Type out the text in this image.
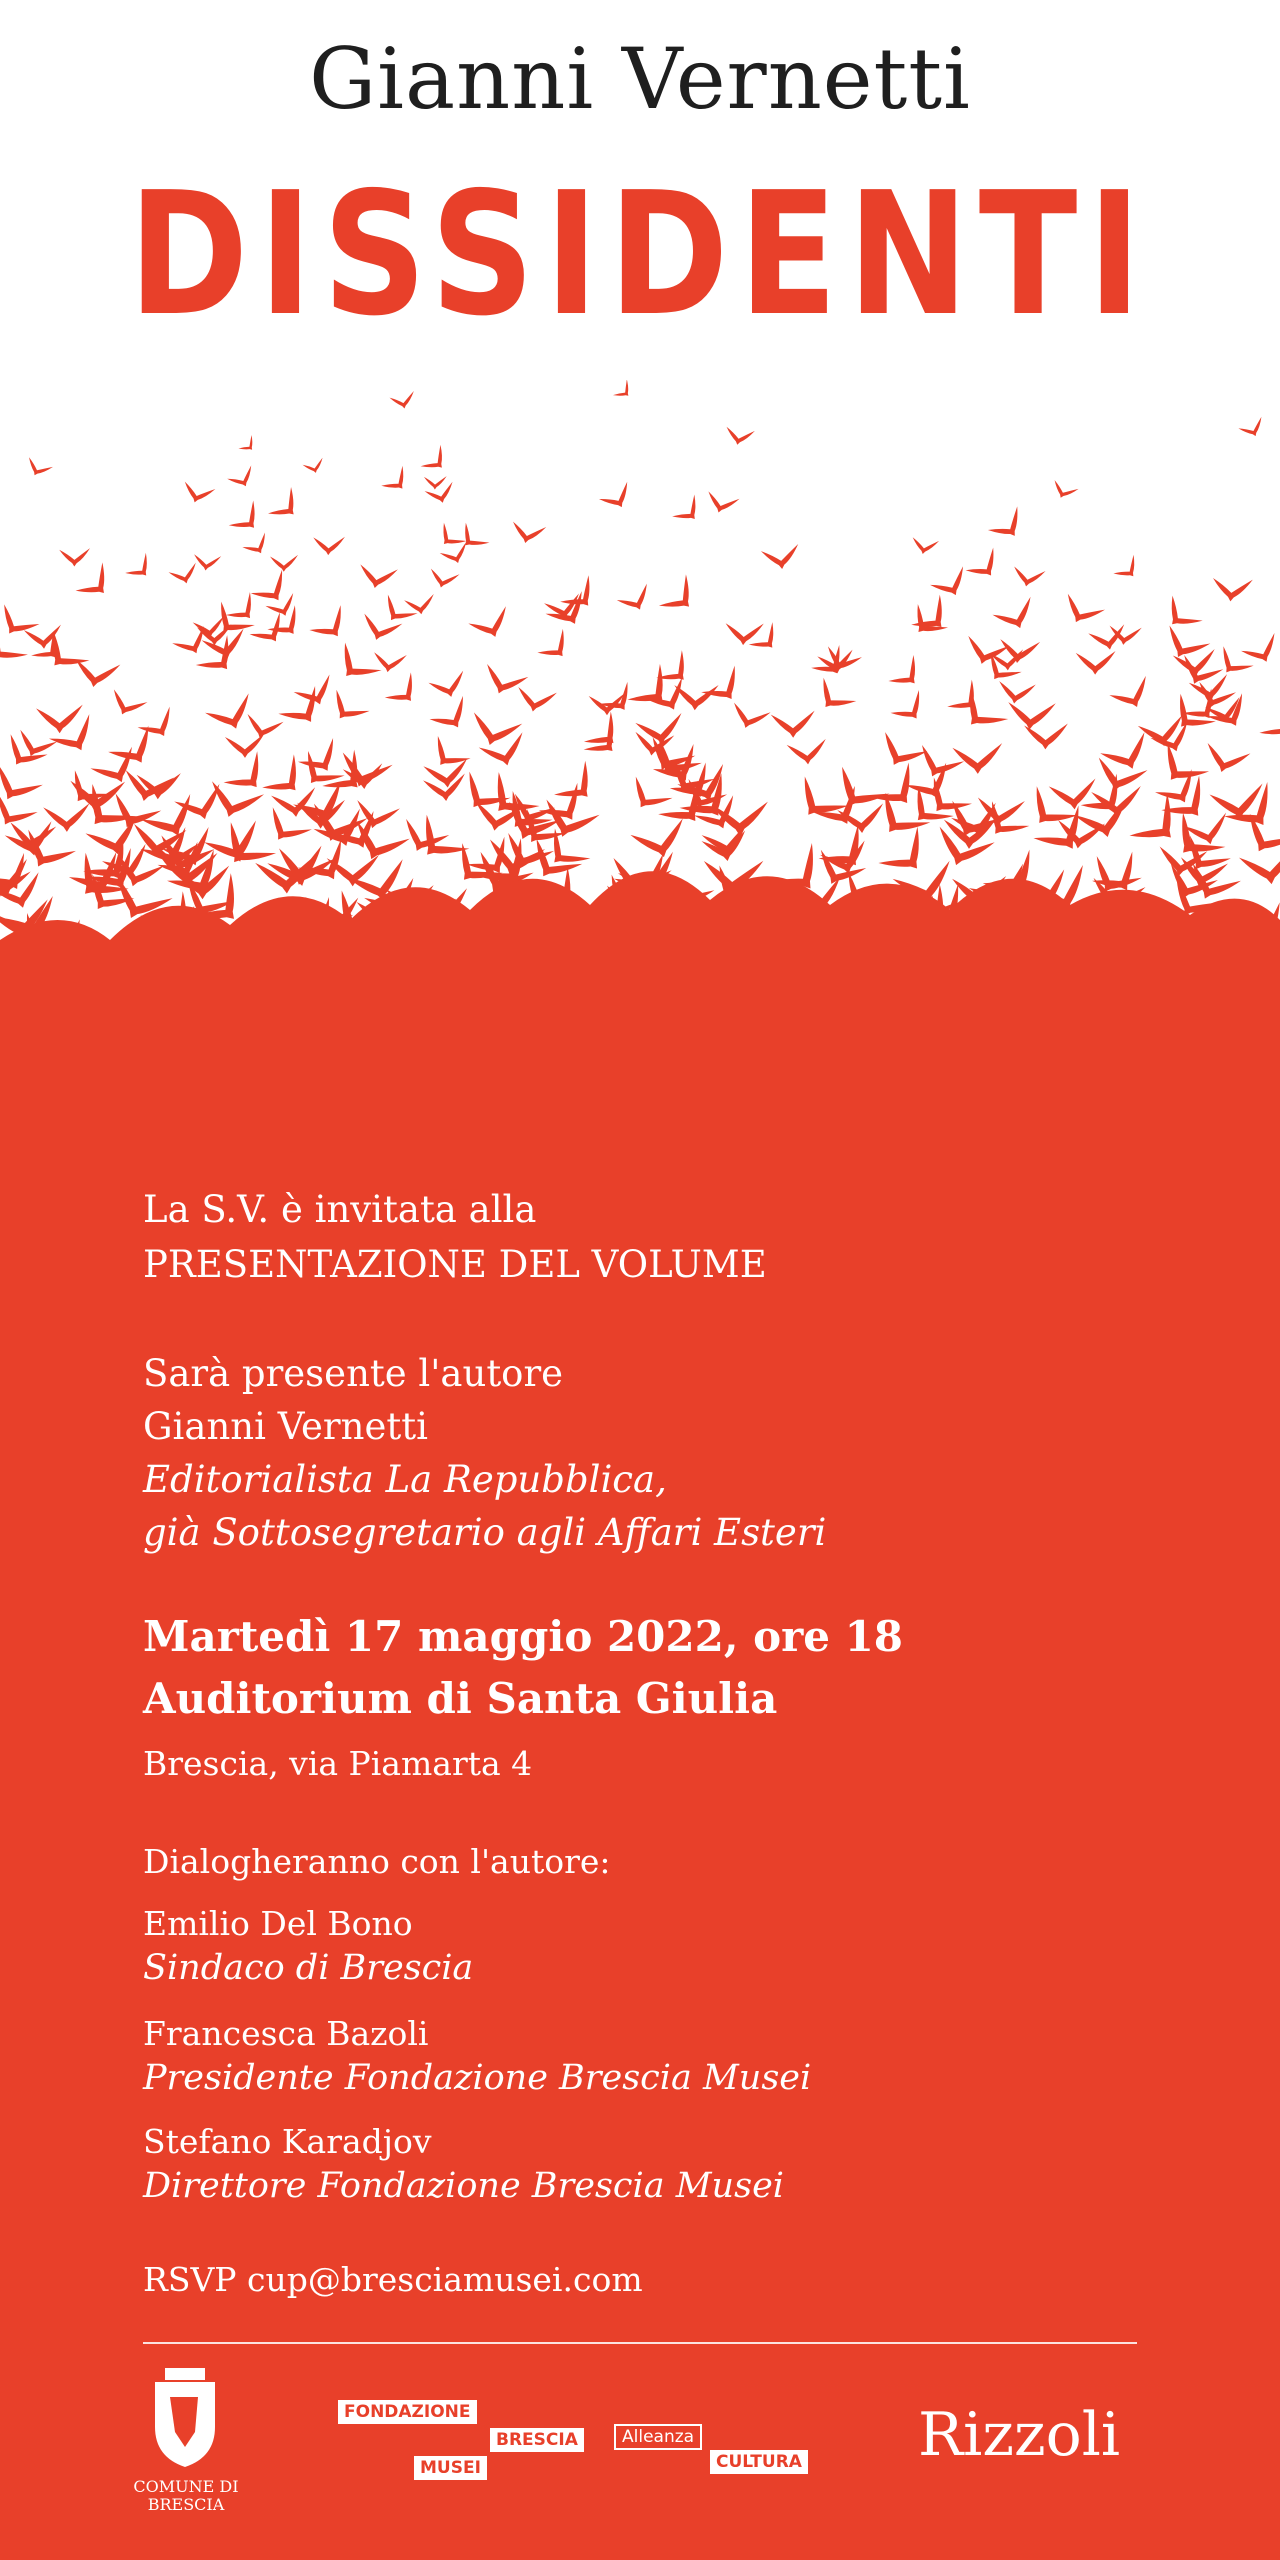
Gianni Vernetti
DISSIDENTI
La S.V. è invitata alla
PRESENTAZIONE DEL VOLUME
Sarà presente l'autore
Gianni Vernetti
Editorialista La Repubblica,
già Sottosegretario agli Affari Esteri
Martedì 17 maggio 2022, ore 18
Auditorium di Santa Giulia
Brescia, via Piamarta 4
Dialogheranno con l'autore:
Emilio Del Bono
Sindaco di Brescia
Francesca Bazoli
Presidente Fondazione Brescia Musei
Stefano Karadjov
Direttore Fondazione Brescia Musei
RSVP cup@bresciamusei.com
COMUNE DI
BRESCIA
FONDAZIONE
BRESCIA
MUSEI
Alleanza
CULTURA Rizzoli
